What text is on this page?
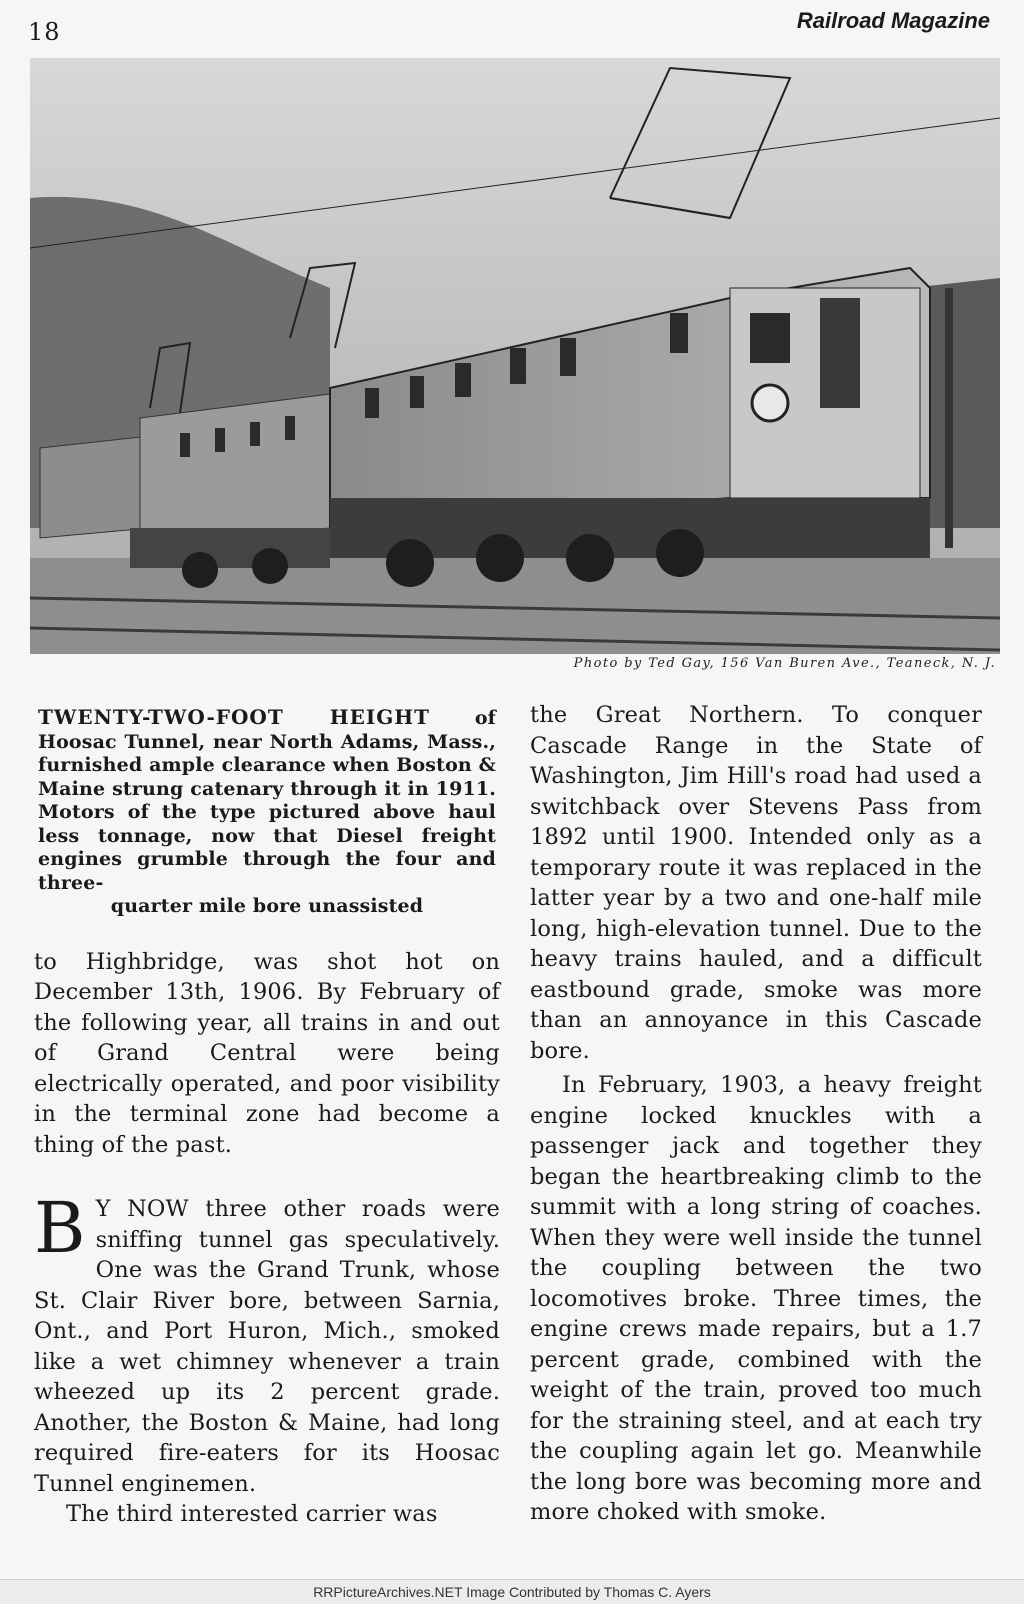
18	Railroad Magazine
Photo by Ted Gay, 156 Van Buren Ave., Teaneck, N. J.
TWENTY-TWO-FOOT HEIGHT of Hoosac Tunnel, near North Adams, Mass., furnished ample clearance when Boston & Maine strung catenary through it in 1911. Motors of the type pictured above haul less tonnage, now that Diesel freight engines grumble through the four and three-
quarter mile bore unassisted

to Highbridge, was shot hot on December 13th, 1906. By February of the following year, all trains in and out of Grand Central were being electrically operated, and poor visibility in the terminal zone had become a thing of the past.

B Y NOW three other roads were sniffing tunnel gas speculatively. One was the Grand Trunk, whose St. Clair River bore, between Sarnia, Ont., and Port Huron, Mich., smoked like a wet chimney whenever a train wheezed up its 2 percent grade. Another, the Boston & Maine, had long required fire-eaters for its Hoosac Tunnel enginemen.

The third interested carrier was

the Great Northern. To conquer Cascade Range in the State of Washington, Jim Hill's road had used a switchback over Stevens Pass from 1892 until 1900. Intended only as a temporary route it was replaced in the latter year by a two and one-half mile long, high-elevation tunnel. Due to the heavy trains hauled, and a difficult eastbound grade, smoke was more than an annoyance in this Cascade bore.

In February, 1903, a heavy freight engine locked knuckles with a passenger jack and together they began the heartbreaking climb to the summit with a long string of coaches. When they were well inside the tunnel the coupling between the two locomotives broke. Three times, the engine crews made repairs, but a 1.7 percent grade, combined with the weight of the train, proved too much for the straining steel, and at each try the coupling again let go. Meanwhile the long bore was becoming more and more choked with smoke.

RRPictureArchives.NET Image Contributed by Thomas C. Ayers
